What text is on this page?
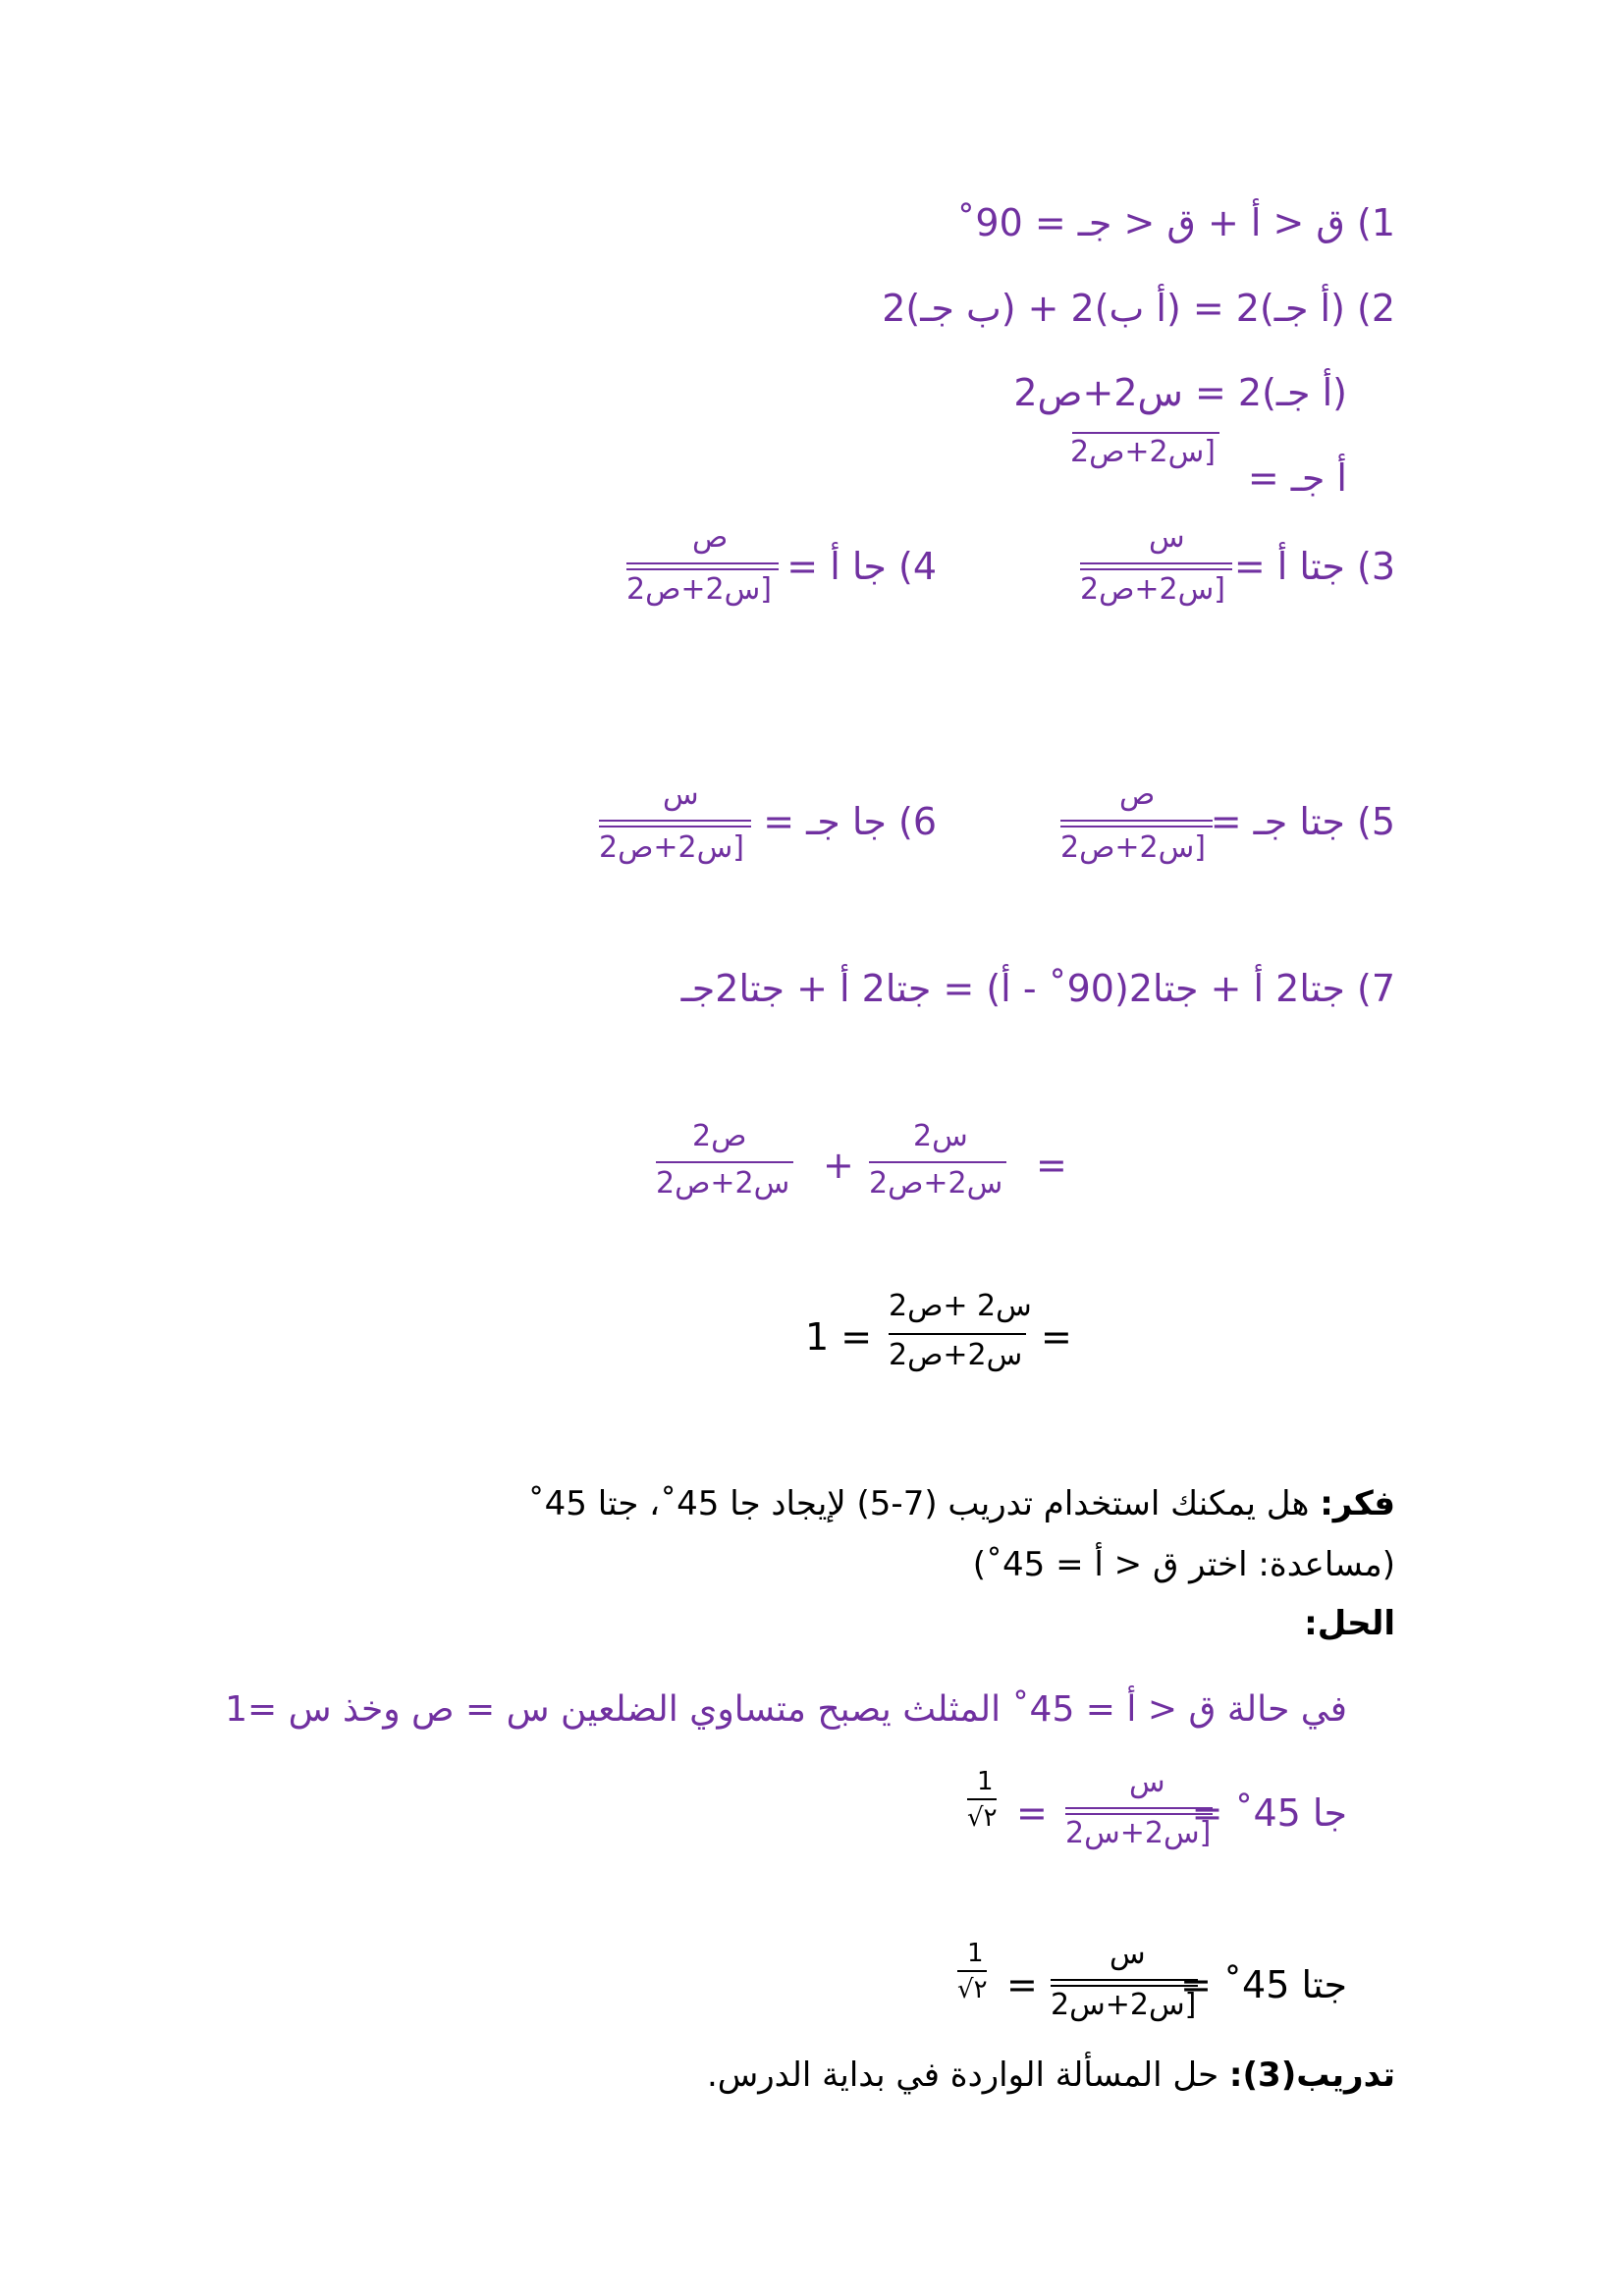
1) ق < أ + ق < جـ = 90˚
2) (أ جـ)2 = (أ ب)2 + (ب جـ)2
(أ جـ)2 = س2+ص2
أ جـ =
[س2+ص2
3) جتا أ =
س
[س2+ص2
4) جا أ =
ص
[س2+ص2
5) جتا جـ =
ص
[س2+ص2
6) جا جـ =
س
[س2+ص2
7) جتا2 أ + جتا2(90˚ - أ) = جتا2 أ + جتا2جـ
=
س2
س2+ص2
+
ص2
س2+ص2
=
س2 +ص2
س2+ص2
= 1
فكر: هل يمكنك استخدام تدريب (7-5) لإيجاد جا 45˚، جتا 45˚
(مساعدة: اختر ق < أ = 45˚)
الحل:
في حالة ق < أ = 45˚ المثلث يصبح متساوي الضلعين س = ص وخذ س =1
جا 45˚ =
س
[س2+س2
=
1
√٢
جتا 45˚ =
س
[س2+س2
=
1
√٢
تدريب(3): حل المسألة الواردة في بداية الدرس.
